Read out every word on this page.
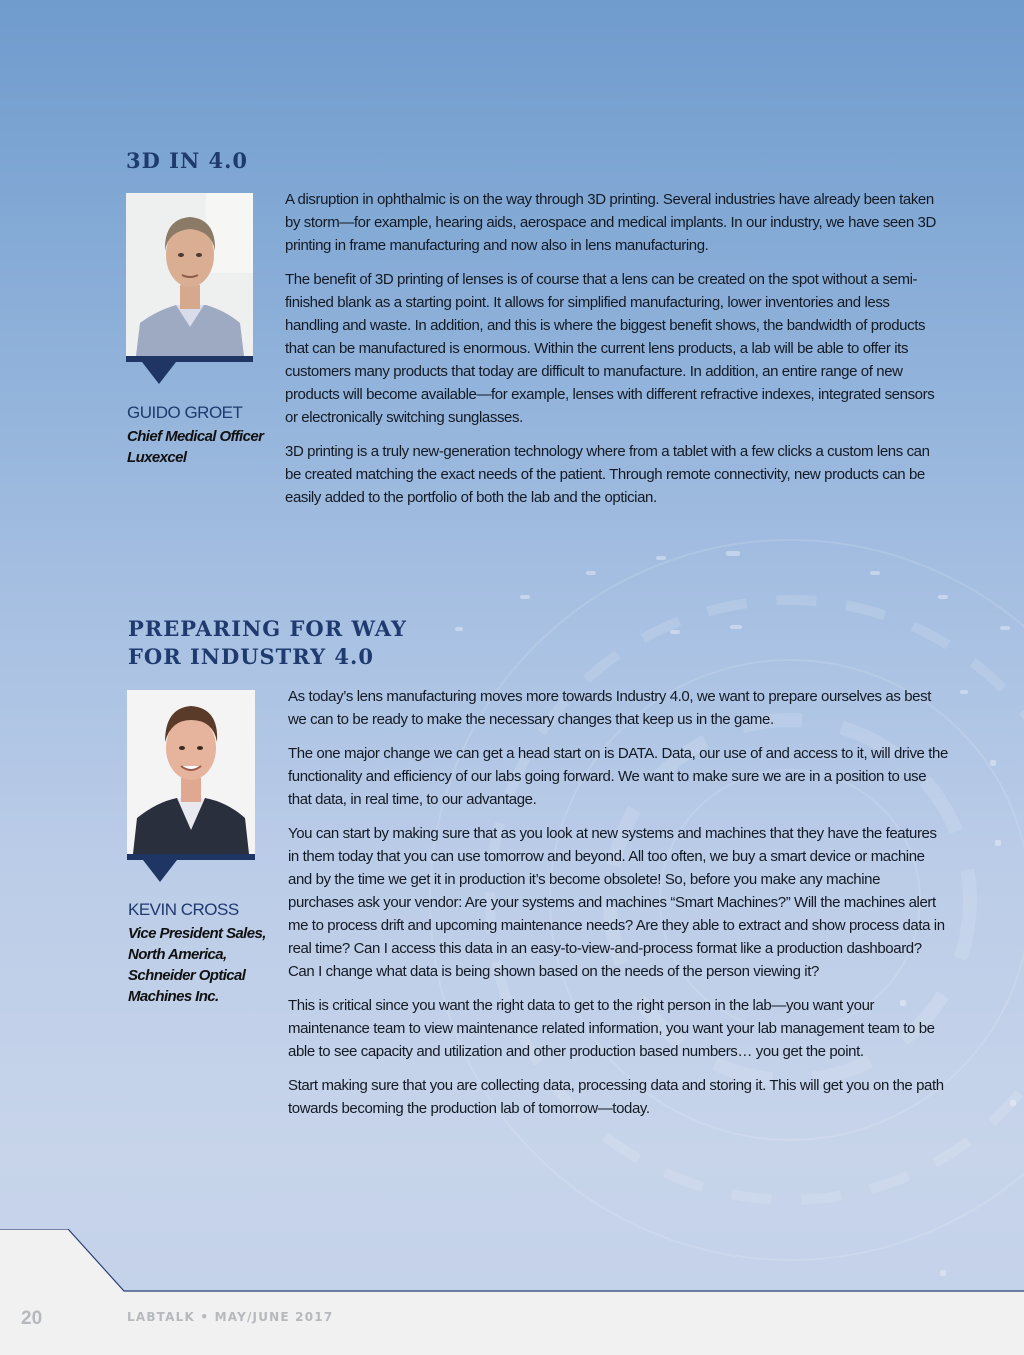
3D IN 4.0
GUIDO GROET
Chief Medical Officer
Luxexcel

A disruption in ophthalmic is on the way through 3D printing. Several industries have already been taken by storm—for example, hearing aids, aerospace and medical implants. In our industry, we have seen 3D printing in frame manufacturing and now also in lens manufacturing.

The benefit of 3D printing of lenses is of course that a lens can be created on the spot without a semi-finished blank as a starting point. It allows for simplified manufacturing, lower inventories and less handling and waste. In addition, and this is where the biggest benefit shows, the bandwidth of products that can be manufactured is enormous. Within the current lens products, a lab will be able to offer its customers many products that today are difficult to manufacture. In addition, an entire range of new products will become available—for example, lenses with different refractive indexes, integrated sensors or electronically switching sunglasses.

3D printing is a truly new-generation technology where from a tablet with a few clicks a custom lens can be created matching the exact needs of the patient. Through remote connectivity, new products can be easily added to the portfolio of both the lab and the optician.

PREPARING FOR WAY
FOR INDUSTRY 4.0
KEVIN CROSS
Vice President Sales,
North America,
Schneider Optical
Machines Inc.

As today’s lens manufacturing moves more towards Industry 4.0, we want to prepare ourselves as best we can to be ready to make the necessary changes that keep us in the game.

The one major change we can get a head start on is DATA. Data, our use of and access to it, will drive the functionality and efficiency of our labs going forward. We want to make sure we are in a position to use that data, in real time, to our advantage.

You can start by making sure that as you look at new systems and machines that they have the features in them today that you can use tomorrow and beyond. All too often, we buy a smart device or machine and by the time we get it in production it’s become obsolete! So, before you make any machine purchases ask your vendor: Are your systems and machines “Smart Machines?” Will the machines alert me to process drift and upcoming maintenance needs? Are they able to extract and show process data in real time? Can I access this data in an easy-to-view-and-process format like a production dashboard? Can I change what data is being shown based on the needs of the person viewing it?

This is critical since you want the right data to get to the right person in the lab—you want your maintenance team to view maintenance related information, you want your lab management team to be able to see capacity and utilization and other production based numbers… you get the point.

Start making sure that you are collecting data, processing data and storing it. This will get you on the path towards becoming the production lab of tomorrow—today.

20	LABTALK • MAY/JUNE 2017
